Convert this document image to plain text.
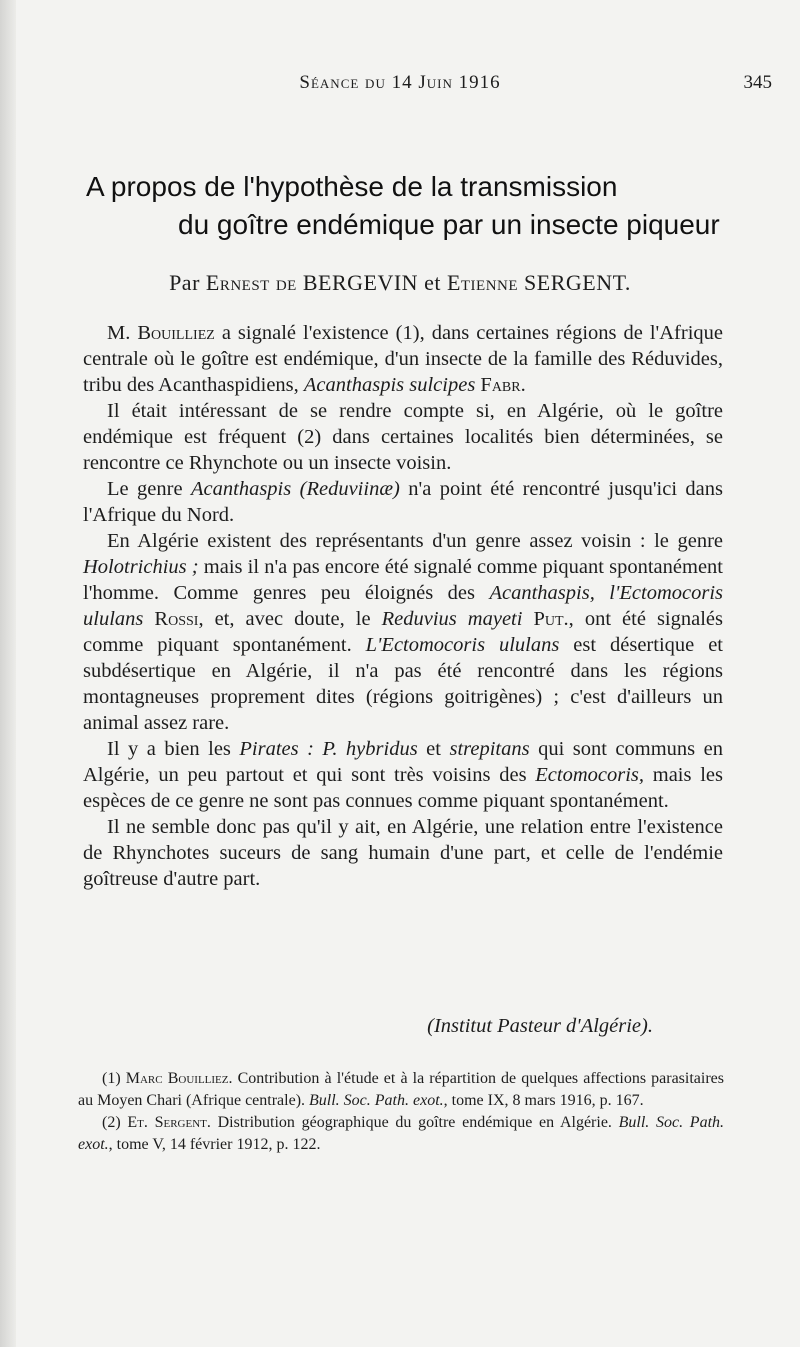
Séance du 14 Juin 1916	345
A propos de l'hypothèse de la transmission
du goître endémique par un insecte piqueur
Par Ernest de BERGEVIN et Etienne SERGENT.

M. Bouilliez a signalé l'existence (1), dans certaines régions de l'Afrique centrale où le goître est endémique, d'un insecte de la famille des Réduvides, tribu des Acanthaspidiens, Acanthaspis sulcipes Fabr.

Il était intéressant de se rendre compte si, en Algérie, où le goître endémique est fréquent (2) dans certaines localités bien déterminées, se rencontre ce Rhynchote ou un insecte voisin.

Le genre Acanthaspis (Reduviinæ) n'a point été rencontré jusqu'ici dans l'Afrique du Nord.

En Algérie existent des représentants d'un genre assez voisin : le genre Holotrichius ; mais il n'a pas encore été signalé comme piquant spontanément l'homme. Comme genres peu éloignés des Acanthaspis, l'Ectomocoris ululans Rossi, et, avec doute, le Reduvius mayeti Put., ont été signalés comme piquant spontanément. L'Ectomocoris ululans est désertique et subdésertique en Algérie, il n'a pas été rencontré dans les régions montagneuses proprement dites (régions goitrigènes) ; c'est d'ailleurs un animal assez rare.

Il y a bien les Pirates : P. hybridus et strepitans qui sont communs en Algérie, un peu partout et qui sont très voisins des Ectomocoris, mais les espèces de ce genre ne sont pas connues comme piquant spontanément.

Il ne semble donc pas qu'il y ait, en Algérie, une relation entre l'existence de Rhynchotes suceurs de sang humain d'une part, et celle de l'endémie goîtreuse d'autre part.

(Institut Pasteur d'Algérie).

(1) Marc Bouilliez. Contribution à l'étude et à la répartition de quelques affections parasitaires au Moyen Chari (Afrique centrale). Bull. Soc. Path. exot., tome IX, 8 mars 1916, p. 167.

(2) Et. Sergent. Distribution géographique du goître endémique en Algérie. Bull. Soc. Path. exot., tome V, 14 février 1912, p. 122.
